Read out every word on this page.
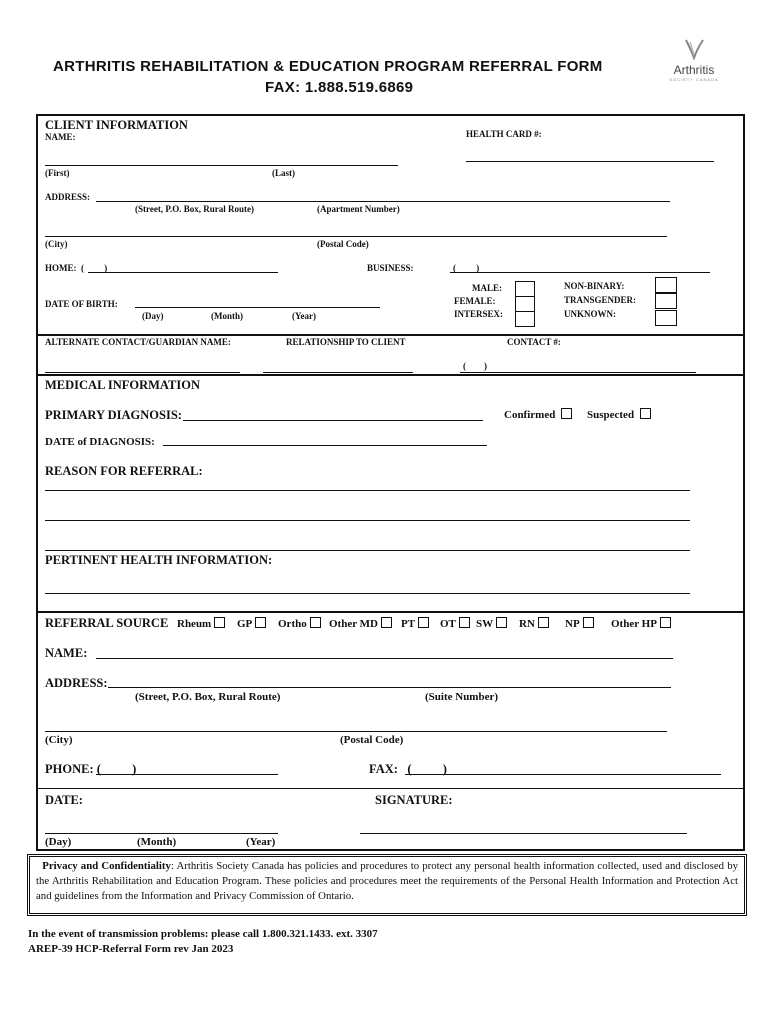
ARTHRITIS REHABILITATION & EDUCATION PROGRAM REFERRAL FORM
FAX: 1.888.519.6869
Arthritis
SOCIETY CANADA
CLIENT INFORMATION
NAME:	HEALTH CARD #:
(First)	(Last)
ADDRESS:
(Street, P.O. Box, Rural Route)	(Apartment Number)
(City)	(Postal Code)
HOME: (         )	BUSINESS:	(         )
DATE OF BIRTH:
(Day)	(Month)	(Year)
MALE:
FEMALE:
INTERSEX:
NON-BINARY:
TRANSGENDER:
UNKNOWN:
ALTERNATE CONTACT/GUARDIAN NAME:	RELATIONSHIP TO CLIENT	CONTACT #:
(        )
MEDICAL INFORMATION
PRIMARY DIAGNOSIS:	Confirmed	Suspected
DATE of DIAGNOSIS:
REASON FOR REFERRAL:
PERTINENT HEALTH INFORMATION:
REFERRAL SOURCE Rheum	GP	Ortho	Other MD	PT	OT	SW	RN	NP	Other HP
NAME:
ADDRESS:
(Street, P.O. Box, Rural Route)	(Suite Number)
(City)	(Postal Code)
PHONE: (          )	FAX: (          )
DATE:	SIGNATURE:
(Day)	(Month)	(Year)
Privacy and Confidentiality: Arthritis Society Canada has policies and procedures to protect any personal health information collected, used and disclosed by the Arthritis Rehabilitation and Education Program. These policies and procedures meet the requirements of the Personal Health Information and Protection Act and guidelines from the Information and Privacy Commission of Ontario.
In the event of transmission problems: please call 1.800.321.1433. ext. 3307
AREP-39 HCP-Referral Form rev Jan 2023
